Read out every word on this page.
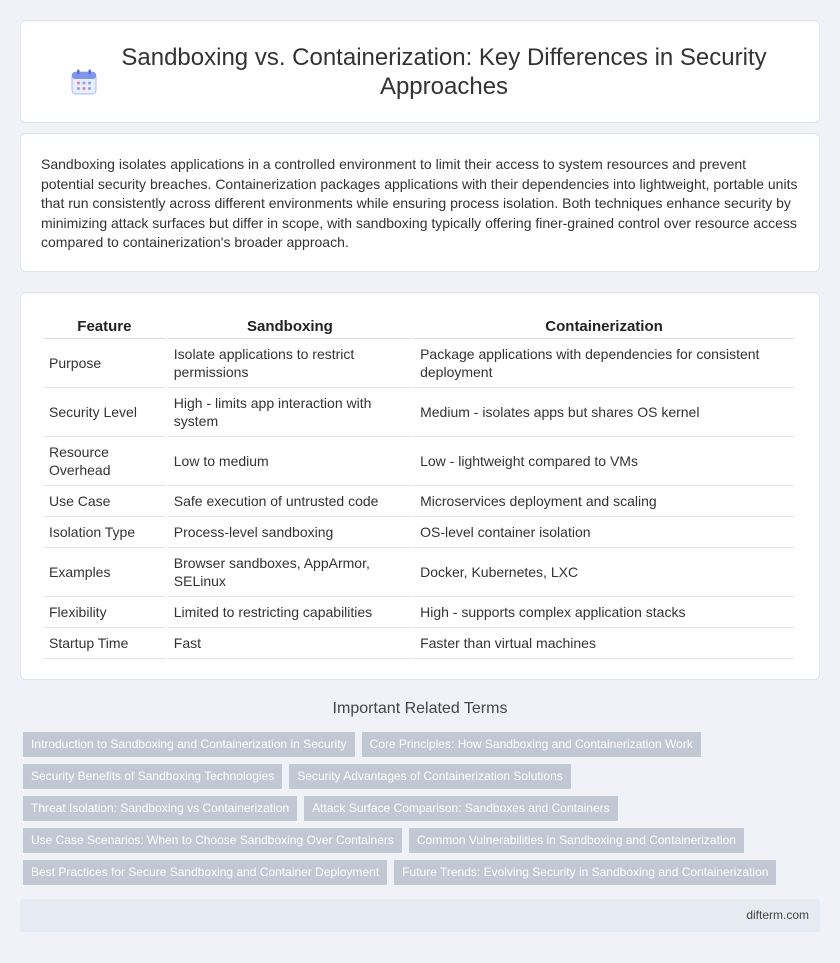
Sandboxing vs. Containerization: Key Differences in Security Approaches

Sandboxing isolates applications in a controlled environment to limit their access to system resources and prevent potential security breaches. Containerization packages applications with their dependencies into lightweight, portable units that run consistently across different environments while ensuring process isolation. Both techniques enhance security by minimizing attack surfaces but differ in scope, with sandboxing typically offering finer-grained control over resource access compared to containerization's broader approach.

Feature	Sandboxing	Containerization
Purpose	Isolate applications to restrict permissions	Package applications with dependencies for consistent deployment
Security Level	High - limits app interaction with system	Medium - isolates apps but shares OS kernel
Resource Overhead	Low to medium	Low - lightweight compared to VMs
Use Case	Safe execution of untrusted code	Microservices deployment and scaling
Isolation Type	Process-level sandboxing	OS-level container isolation
Examples	Browser sandboxes, AppArmor, SELinux	Docker, Kubernetes, LXC
Flexibility	Limited to restricting capabilities	High - supports complex application stacks
Startup Time	Fast	Faster than virtual machines
Important Related Terms
Introduction to Sandboxing and Containerization in Security	Core Principles: How Sandboxing and Containerization Work
Security Benefits of Sandboxing Technologies	Security Advantages of Containerization Solutions
Threat Isolation: Sandboxing vs Containerization	Attack Surface Comparison: Sandboxes and Containers
Use Case Scenarios: When to Choose Sandboxing Over Containers	Common Vulnerabilities in Sandboxing and Containerization
Best Practices for Secure Sandboxing and Container Deployment	Future Trends: Evolving Security in Sandboxing and Containerization
difterm.com
